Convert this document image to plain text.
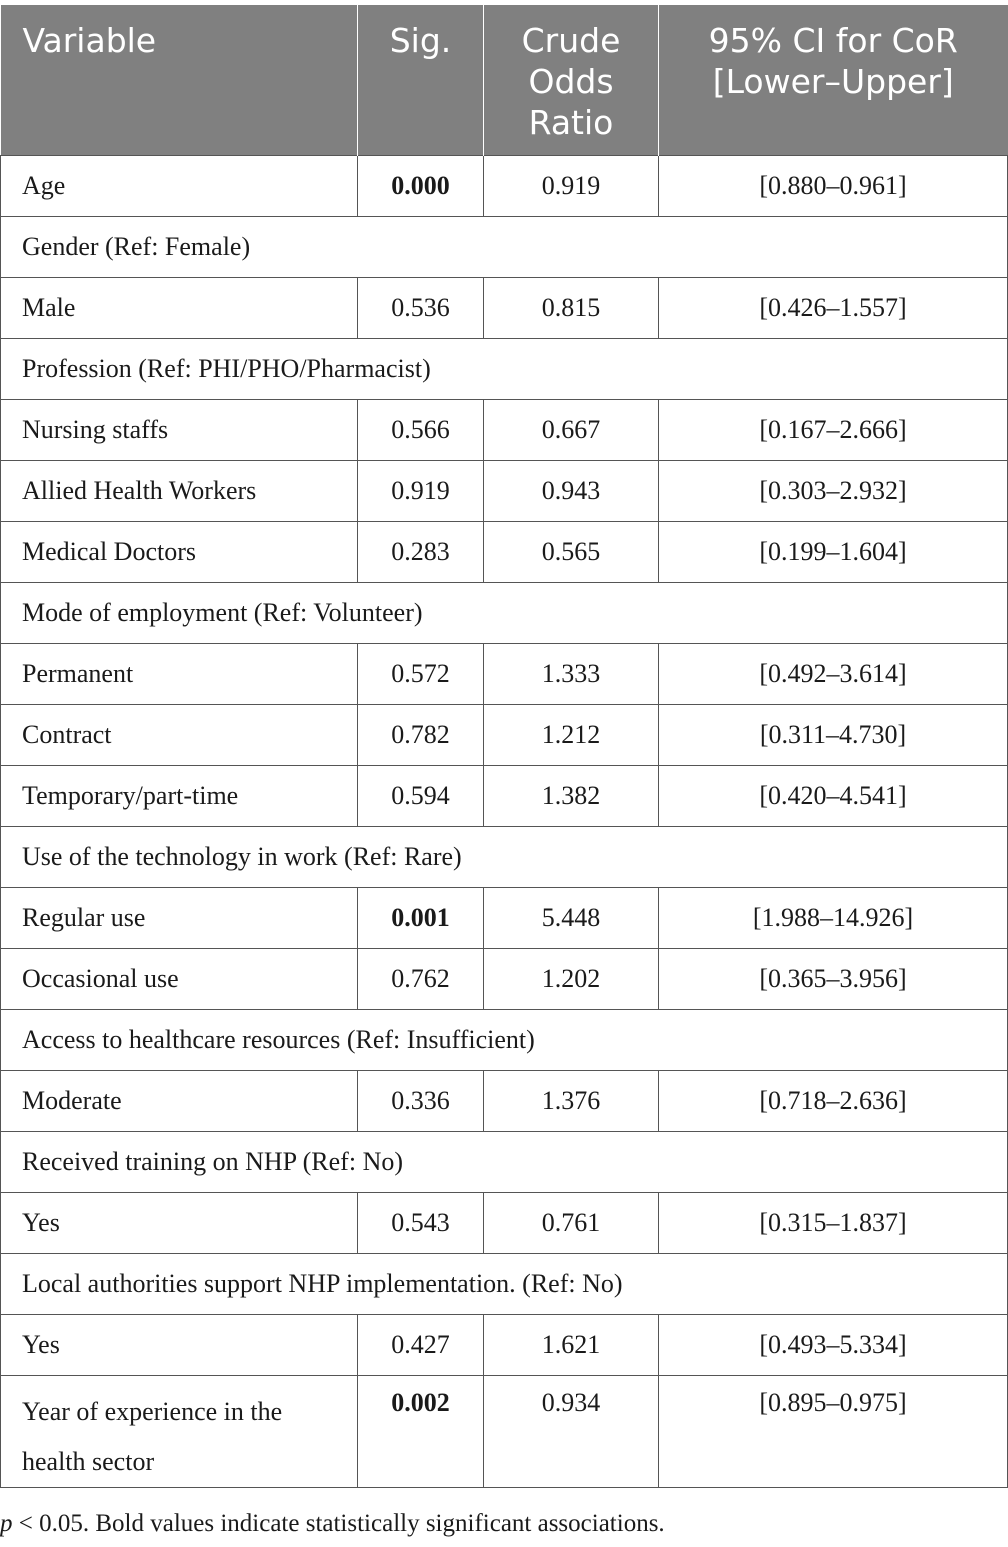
Variable	Sig.	Crude Odds Ratio	95% CI for CoR [Lower–Upper]
Age	0.000	0.919	[0.880–0.961]
Gender (Ref: Female)			
Male	0.536	0.815	[0.426–1.557]
Profession (Ref: PHI/PHO/Pharmacist)			
Nursing staffs	0.566	0.667	[0.167–2.666]
Allied Health Workers	0.919	0.943	[0.303–2.932]
Medical Doctors	0.283	0.565	[0.199–1.604]
Mode of employment (Ref: Volunteer)			
Permanent	0.572	1.333	[0.492–3.614]
Contract	0.782	1.212	[0.311–4.730]
Temporary/part-time	0.594	1.382	[0.420–4.541]
Use of the technology in work (Ref: Rare)			
Regular use	0.001	5.448	[1.988–14.926]
Occasional use	0.762	1.202	[0.365–3.956]
Access to healthcare resources (Ref: Insufficient)			
Moderate	0.336	1.376	[0.718–2.636]
Received training on NHP (Ref: No)			
Yes	0.543	0.761	[0.315–1.837]
Local authorities support NHP implementation. (Ref: No)			
Yes	0.427	1.621	[0.493–5.334]
Year of experience in the health sector	0.002	0.934	[0.895–0.975]
p < 0.05. Bold values indicate statistically significant associations.
